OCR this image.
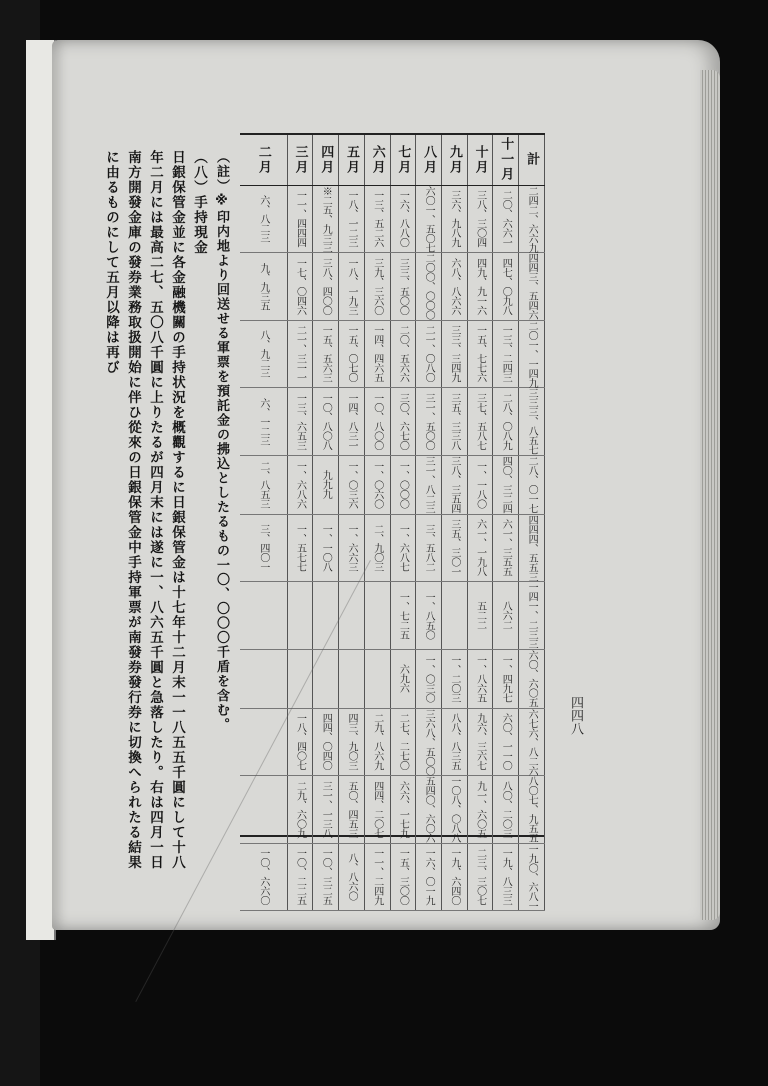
二月	三月	四月	五月	六月	七月	八月	九月	十月	十一月	計
六、八二三	一一、四四四	※二五、九三三	一八、一二三	一三、五二六	一六、八八〇	六〇一、五〇七	三六、九八九	三八、三〇四	二〇、六六一	二四二、六六九
九、九三五	一七、〇四六	三八、四〇〇	一八、一九三	三九、三六〇	三三、五〇〇	二〇〇、〇〇〇	六八、八六六	四九、九一六	四七、〇九八	四四三、五四六
八、九二三	二一、三一一	一五、五六三	一五、〇七〇	一四、四六五	二〇、五六六	二一、〇八〇	三三、三四九	一五、七七六	一三、二四三	二〇一、一四九
六、一二三	一三、六五三	一〇、八〇八	一四、八三一	一〇、八〇〇	三〇、六七〇	三一、五〇〇	三五、三三八	三七、五八七	二八、〇八九	三三三、八五七
二、八五三	一、六八六	九九九	一、〇三六	一、〇六〇	一、〇〇〇	三一、八二三	三八、三五四	一、一八〇	四〇、三二四	二八、〇一七
三、四〇一	一、五七七	一、一〇八	一、六六三	二、九〇三	一、六八七	三、五八二	三五、三〇一	六一、一九八	六一、三五五	四四四、五五三
					一、七二五	一、八五〇		五二二	八六二	一四一、二三三
					六九六	一、〇三〇	一、二〇三	一、八六五	一、四九七	六〇、六〇五
	一八、四〇七	四四、〇四〇	四三、九〇三	二九、八六九	二七、二七〇	三六八、五〇〇	八八、八三五	九六、三六七	六〇、一一〇	六七六、八二六
	二九、六〇九	三一、一三八	五〇、四五三	四四、二〇七	六六、一七九	五四〇、六〇六	一〇八、〇八八	九一、六〇五	八〇、二〇三	八〇七、九五五
一〇、六六〇	一〇、二二五	一〇、三二五	八、八六〇	一一、二四九	一五、三〇〇	一六、〇一九	一九、六四〇	二三、三〇七	一九、八三三	一九〇、六八一
四四八

（註）※印内地より回送せる軍票を預託金の拂込としたるもの一〇、〇〇〇千盾を含む。

（八）手持現金

日銀保管金並に各金融機關の手持状況を概觀するに日銀保管金は十七年十二月末一一八五五千圓にして十八年二月には最高二七、五〇八千圓に上りたるが四月末には遂に一、八六五千圓と急落したり。右は四月一日南方開發金庫の發券業務取扱開始に伴ひ從來の日銀保管金中手持軍票が南發券發行券に切換へられたる結果に由るものにして五月以降は再び
